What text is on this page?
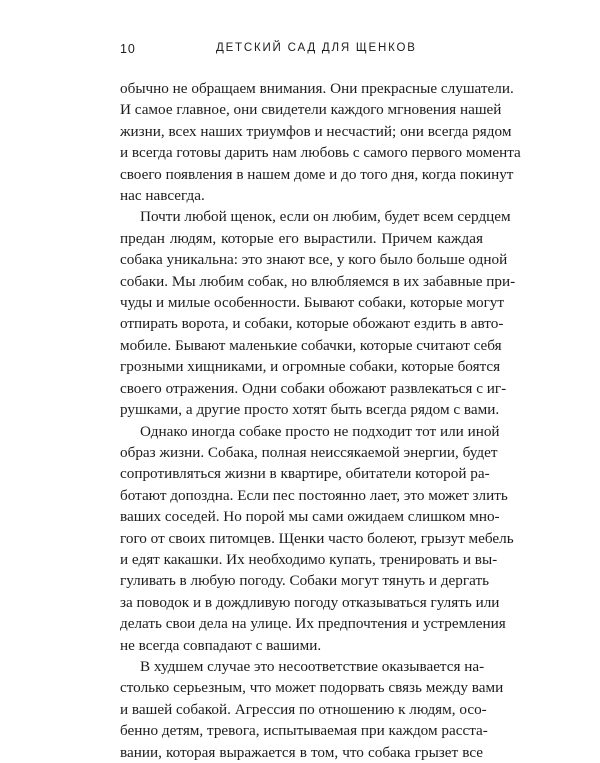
10	ДЕТСКИЙ САД ДЛЯ ЩЕНКОВ
обычно не обращаем внимания. Они прекрасные слушатели.
И самое главное, они свидетели каждого мгновения нашей
жизни, всех наших триумфов и несчастий; они всегда рядом
и всегда готовы дарить нам любовь с самого первого момента
своего появления в нашем доме и до того дня, когда покинут
нас навсегда.
Почти любой щенок, если он любим, будет всем сердцем
предан людям, которые его вырастили. Причем каждая
собака уникальна: это знают все, у кого было больше одной
собаки. Мы любим собак, но влюбляемся в их забавные при-
чуды и милые особенности. Бывают собаки, которые могут
отпирать ворота, и собаки, которые обожают ездить в авто-
мобиле. Бывают маленькие собачки, которые считают себя
грозными хищниками, и огромные собаки, которые боятся
своего отражения. Одни собаки обожают развлекаться с иг-
рушками, а другие просто хотят быть всегда рядом с вами.
Однако иногда собаке просто не подходит тот или иной
образ жизни. Собака, полная неиссякаемой энергии, будет
сопротивляться жизни в квартире, обитатели которой ра-
ботают допоздна. Если пес постоянно лает, это может злить
ваших соседей. Но порой мы сами ожидаем слишком мно-
гого от своих питомцев. Щенки часто болеют, грызут мебель
и едят какашки. Их необходимо купать, тренировать и вы-
гуливать в любую погоду. Собаки могут тянуть и дергать
за поводок и в дождливую погоду отказываться гулять или
делать свои дела на улице. Их предпочтения и устремления
не всегда совпадают с вашими.
В худшем случае это несоответствие оказывается на-
столько серьезным, что может подорвать связь между вами
и вашей собакой. Агрессия по отношению к людям, осо-
бенно детям, тревога, испытываемая при каждом расста-
вании, которая выражается в том, что собака грызет все
